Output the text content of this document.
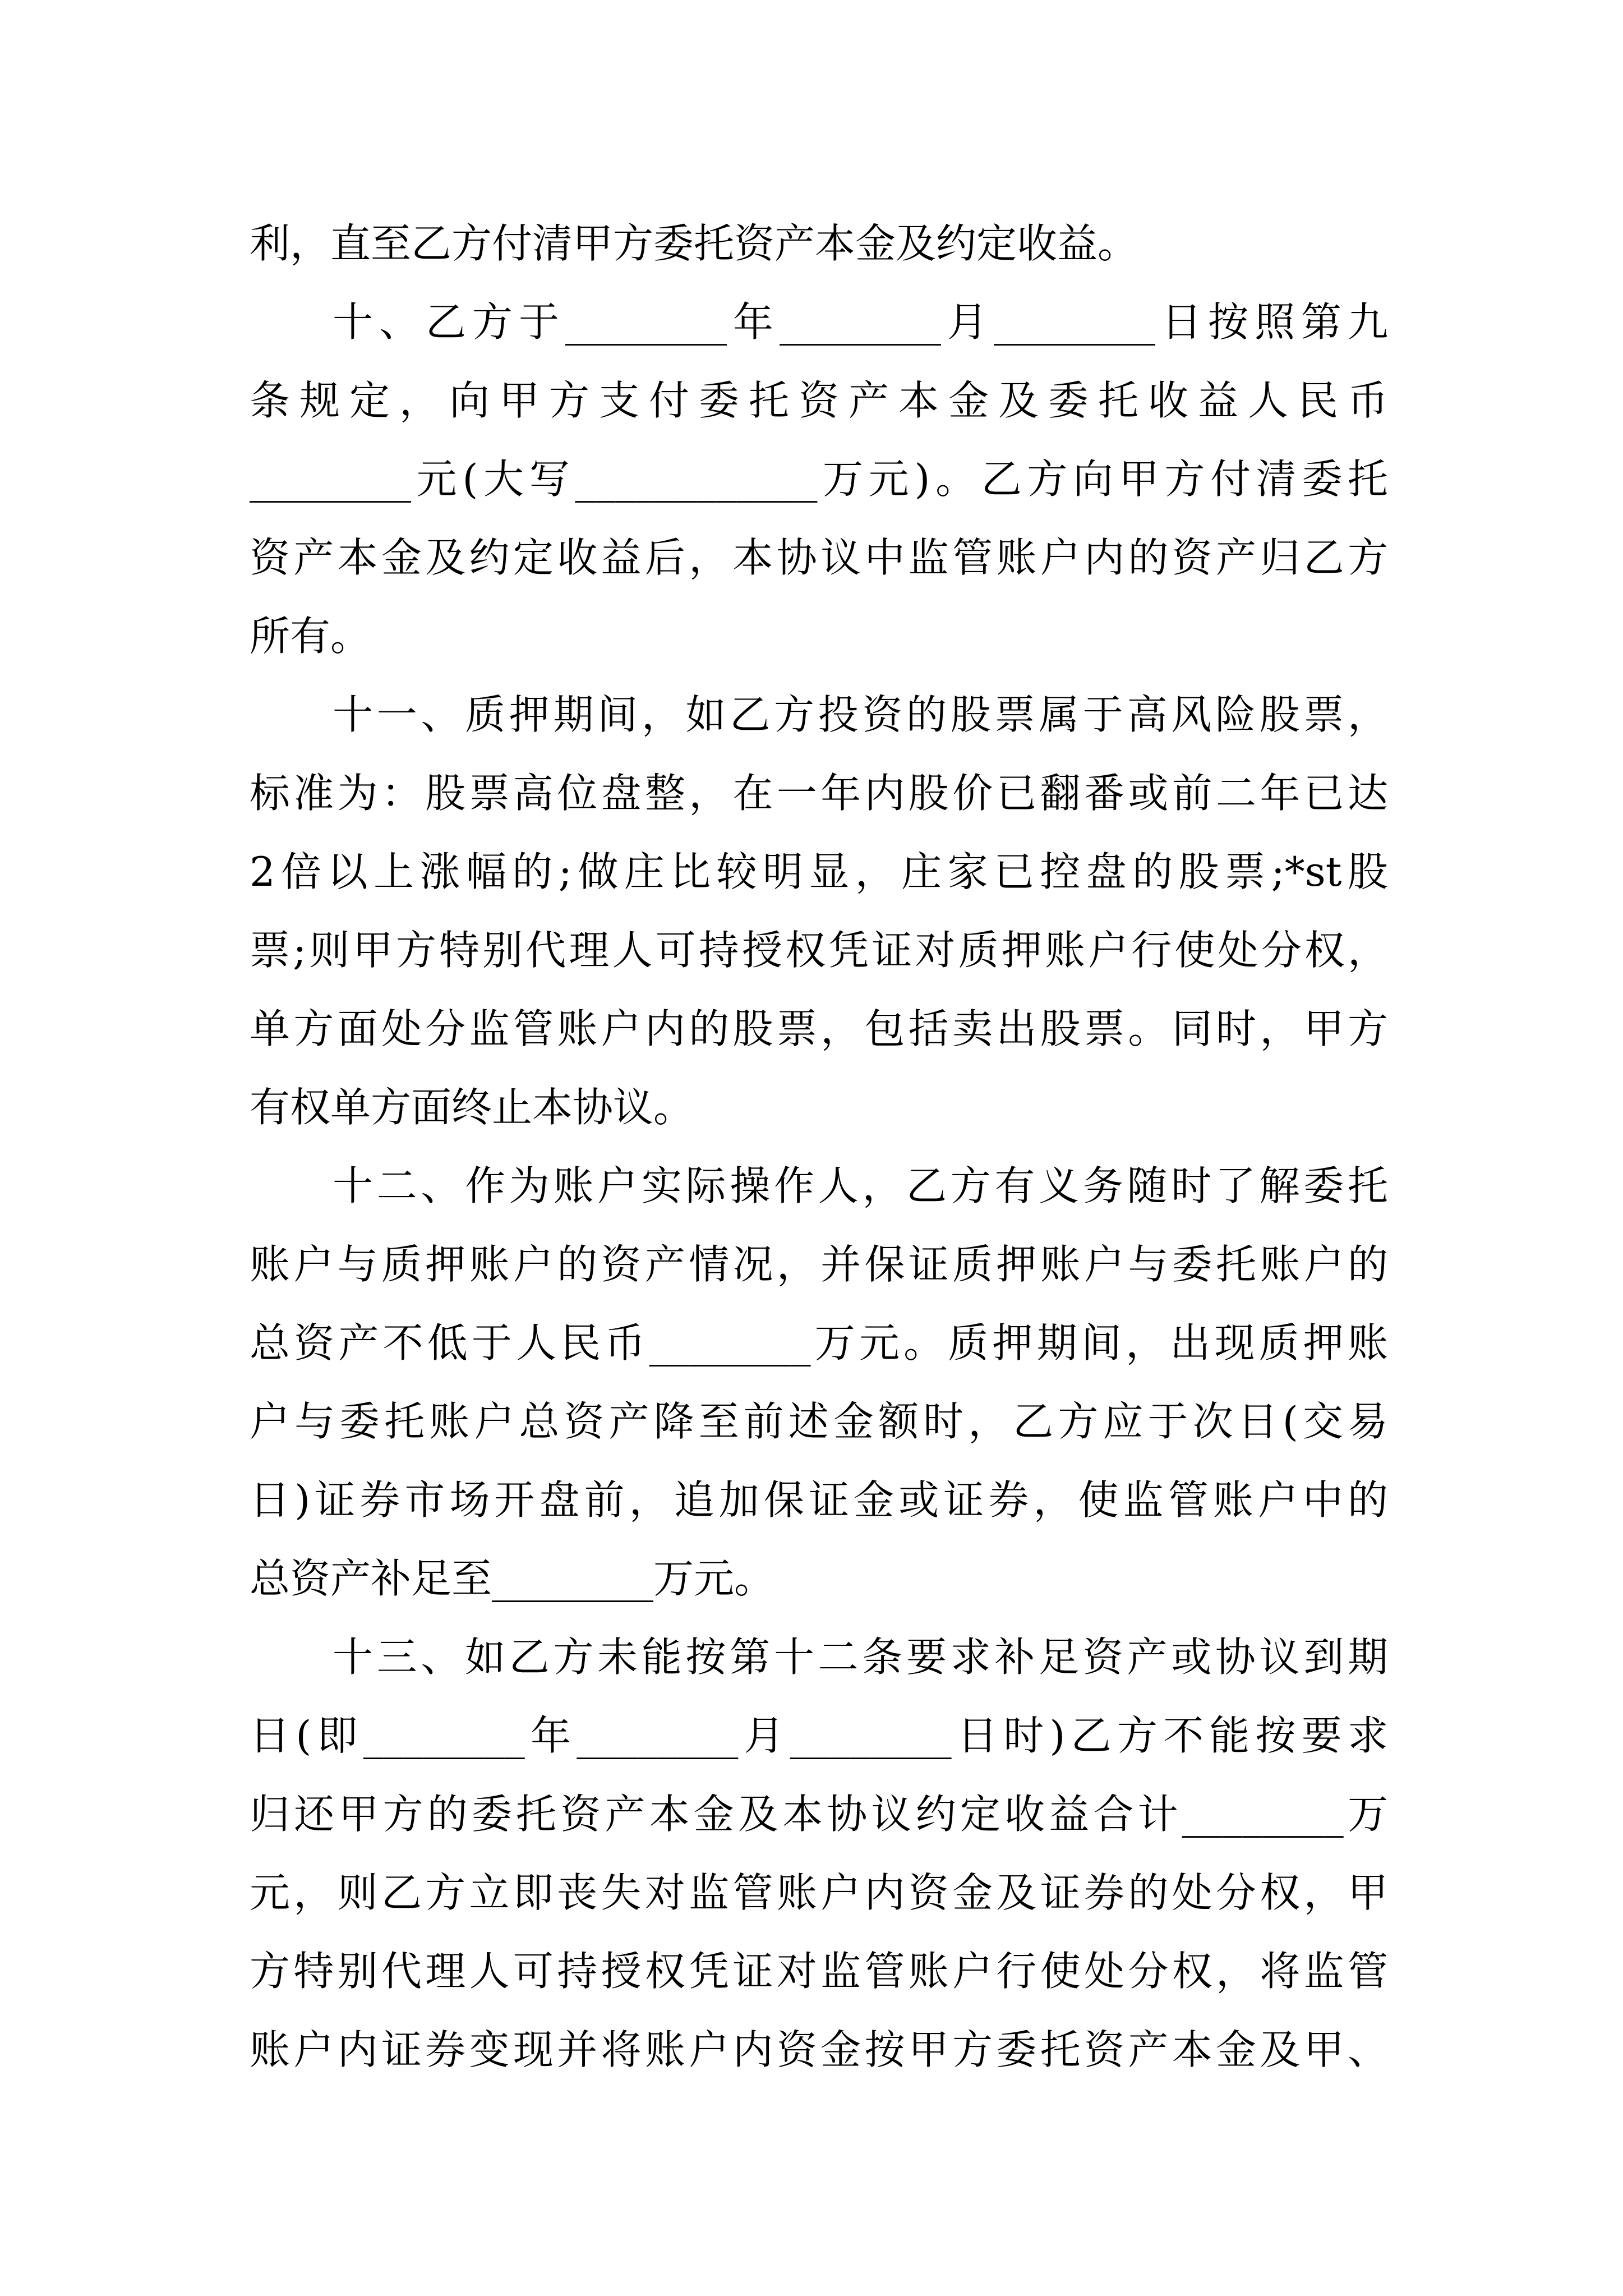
利，直至乙方付清甲方委托资产本金及约定收益。
十、乙方于________年________月________日按照第九
条规定，向甲方支付委托资产本金及委托收益人民币
________元(大写____________万元)。乙方向甲方付清委托
资产本金及约定收益后，本协议中监管账户内的资产归乙方
所有。
十一、质押期间，如乙方投资的股票属于高风险股票，
标准为：股票高位盘整，在一年内股价已翻番或前二年已达
2倍以上涨幅的;做庄比较明显，庄家已控盘的股票;*st股
票;则甲方特别代理人可持授权凭证对质押账户行使处分权，
单方面处分监管账户内的股票，包括卖出股票。同时，甲方
有权单方面终止本协议。
十二、作为账户实际操作人，乙方有义务随时了解委托
账户与质押账户的资产情况，并保证质押账户与委托账户的
总资产不低于人民币________万元。质押期间，出现质押账
户与委托账户总资产降至前述金额时，乙方应于次日(交易
日)证券市场开盘前，追加保证金或证券，使监管账户中的
总资产补足至________万元。
十三、如乙方未能按第十二条要求补足资产或协议到期
日(即________年________月________日时)乙方不能按要求
归还甲方的委托资产本金及本协议约定收益合计________万
元，则乙方立即丧失对监管账户内资金及证券的处分权，甲
方特别代理人可持授权凭证对监管账户行使处分权，将监管
账户内证券变现并将账户内资金按甲方委托资产本金及甲、
